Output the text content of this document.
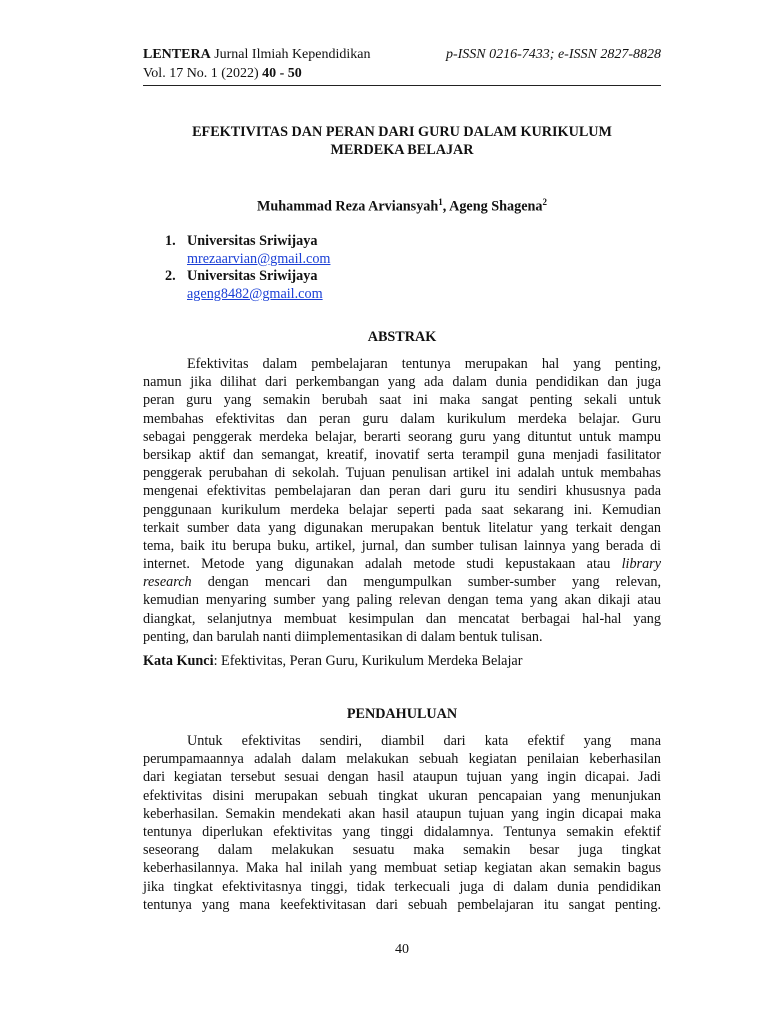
LENTERA Jurnal Ilmiah Kependidikan	p-ISSN 0216-7433; e-ISSN 2827-8828
Vol. 17 No. 1 (2022) 40 - 50
EFEKTIVITAS DAN PERAN DARI GURU DALAM KURIKULUM
MERDEKA BELAJAR
Muhammad Reza Arviansyah$^1$, Ageng Shagena$^2$
1. Universitas Sriwijaya
mrezaarvian@gmail.com
2. Universitas Sriwijaya
ageng8482@gmail.com
ABSTRAK
Efektivitas dalam pembelajaran tentunya merupakan hal yang penting,
namun jika dilihat dari perkembangan yang ada dalam dunia pendidikan dan juga
peran guru yang semakin berubah saat ini maka sangat penting sekali untuk
membahas efektivitas dan peran guru dalam kurikulum merdeka belajar. Guru
sebagai penggerak merdeka belajar, berarti seorang guru yang dituntut untuk mampu
bersikap aktif dan semangat, kreatif, inovatif serta terampil guna menjadi fasilitator
penggerak perubahan di sekolah. Tujuan penulisan artikel ini adalah untuk membahas
mengenai efektivitas pembelajaran dan peran dari guru itu sendiri khususnya pada
penggunaan kurikulum merdeka belajar seperti pada saat sekarang ini. Kemudian
terkait sumber data yang digunakan merupakan bentuk litelatur yang terkait dengan
tema, baik itu berupa buku, artikel, jurnal, dan sumber tulisan lainnya yang berada di
internet. Metode yang digunakan adalah metode studi kepustakaan atau library
research dengan mencari dan mengumpulkan sumber-sumber yang relevan,
kemudian menyaring sumber yang paling relevan dengan tema yang akan dikaji atau
diangkat, selanjutnya membuat kesimpulan dan mencatat berbagai hal-hal yang
penting, dan barulah nanti diimplementasikan di dalam bentuk tulisan.
Kata Kunci: Efektivitas, Peran Guru, Kurikulum Merdeka Belajar
PENDAHULUAN
Untuk efektivitas sendiri, diambil dari kata efektif yang mana
perumpamaannya adalah dalam melakukan sebuah kegiatan penilaian keberhasilan
dari kegiatan tersebut sesuai dengan hasil ataupun tujuan yang ingin dicapai. Jadi
efektivitas disini merupakan sebuah tingkat ukuran pencapaian yang menunjukan
keberhasilan. Semakin mendekati akan hasil ataupun tujuan yang ingin dicapai maka
tentunya diperlukan efektivitas yang tinggi didalamnya. Tentunya semakin efektif
seseorang dalam melakukan sesuatu maka semakin besar juga tingkat
keberhasilannya. Maka hal inilah yang membuat setiap kegiatan akan semakin bagus
jika tingkat efektivitasnya tinggi, tidak terkecuali juga di dalam dunia pendidikan
tentunya yang mana keefektivitasan dari sebuah pembelajaran itu sangat penting.
40
